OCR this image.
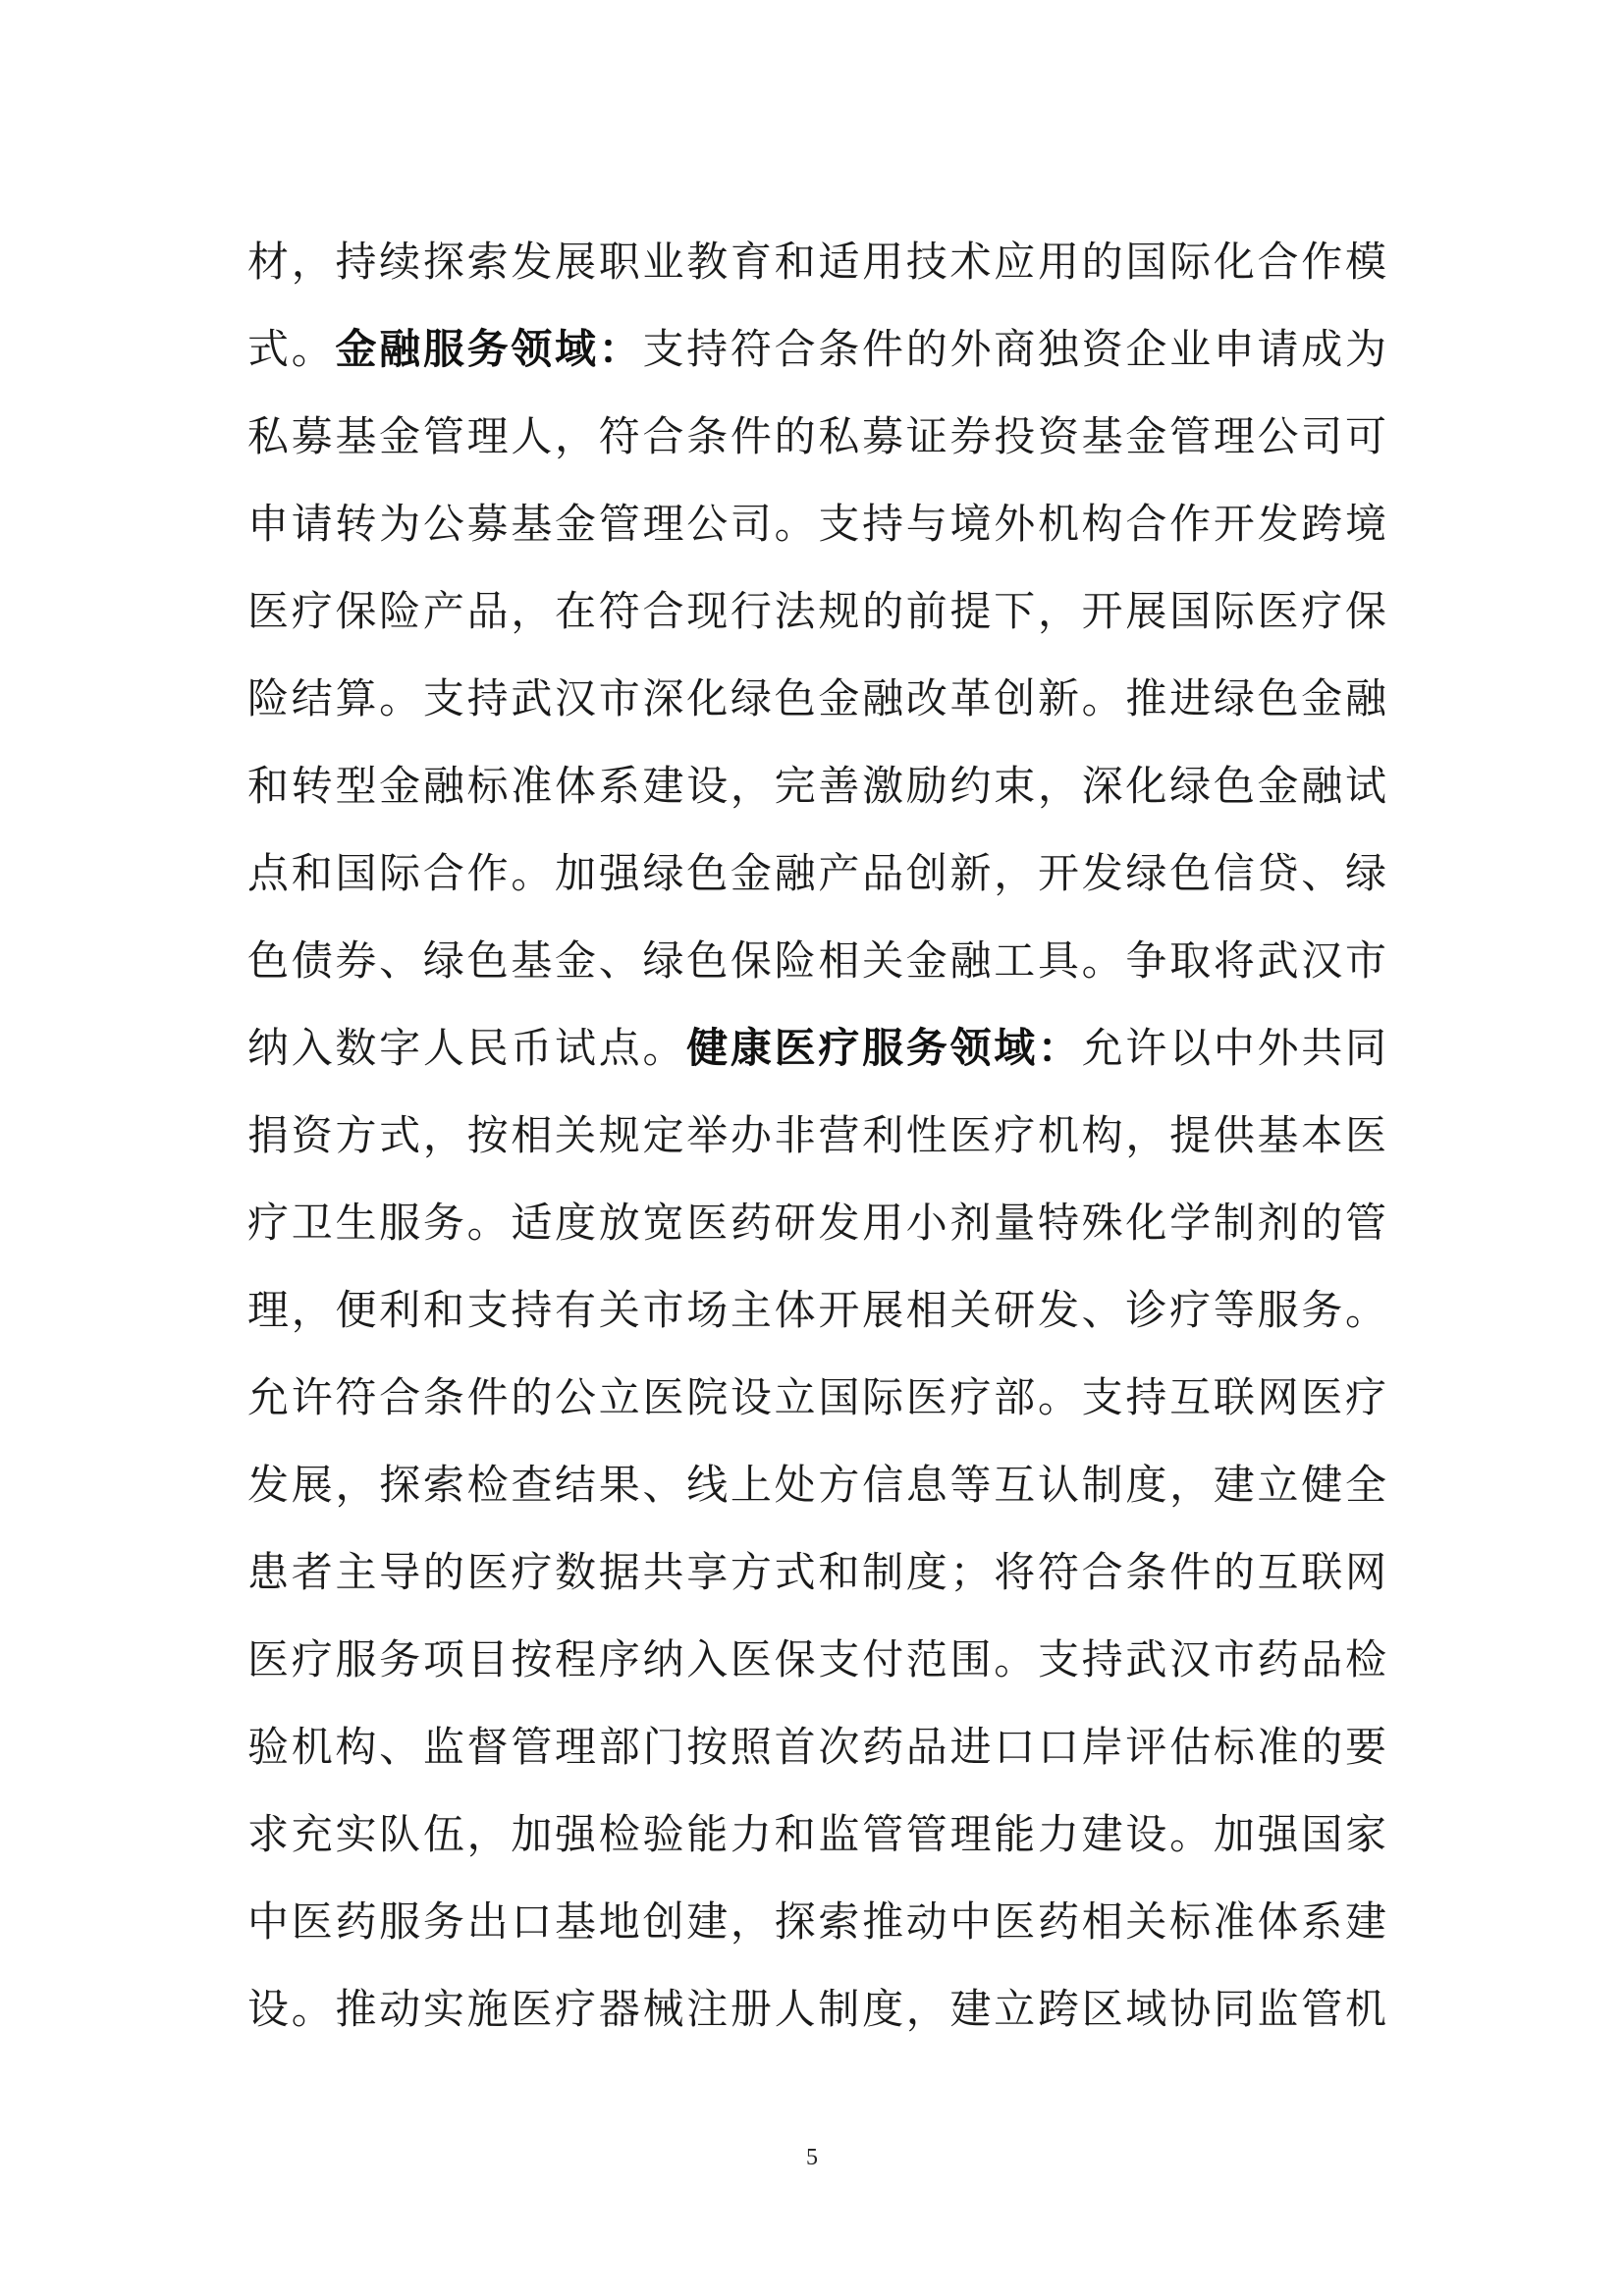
材，持续探索发展职业教育和适用技术应用的国际化合作模
式。金融服务领域：支持符合条件的外商独资企业申请成为
私募基金管理人，符合条件的私募证券投资基金管理公司可
申请转为公募基金管理公司。支持与境外机构合作开发跨境
医疗保险产品，在符合现行法规的前提下，开展国际医疗保
险结算。支持武汉市深化绿色金融改革创新。推进绿色金融
和转型金融标准体系建设，完善激励约束，深化绿色金融试
点和国际合作。加强绿色金融产品创新，开发绿色信贷、绿
色债券、绿色基金、绿色保险相关金融工具。争取将武汉市
纳入数字人民币试点。健康医疗服务领域：允许以中外共同
捐资方式，按相关规定举办非营利性医疗机构，提供基本医
疗卫生服务。适度放宽医药研发用小剂量特殊化学制剂的管
理，便利和支持有关市场主体开展相关研发、诊疗等服务。
允许符合条件的公立医院设立国际医疗部。支持互联网医疗
发展，探索检查结果、线上处方信息等互认制度，建立健全
患者主导的医疗数据共享方式和制度；将符合条件的互联网
医疗服务项目按程序纳入医保支付范围。支持武汉市药品检
验机构、监督管理部门按照首次药品进口口岸评估标准的要
求充实队伍，加强检验能力和监管管理能力建设。加强国家
中医药服务出口基地创建，探索推动中医药相关标准体系建
设。推动实施医疗器械注册人制度，建立跨区域协同监管机
5
